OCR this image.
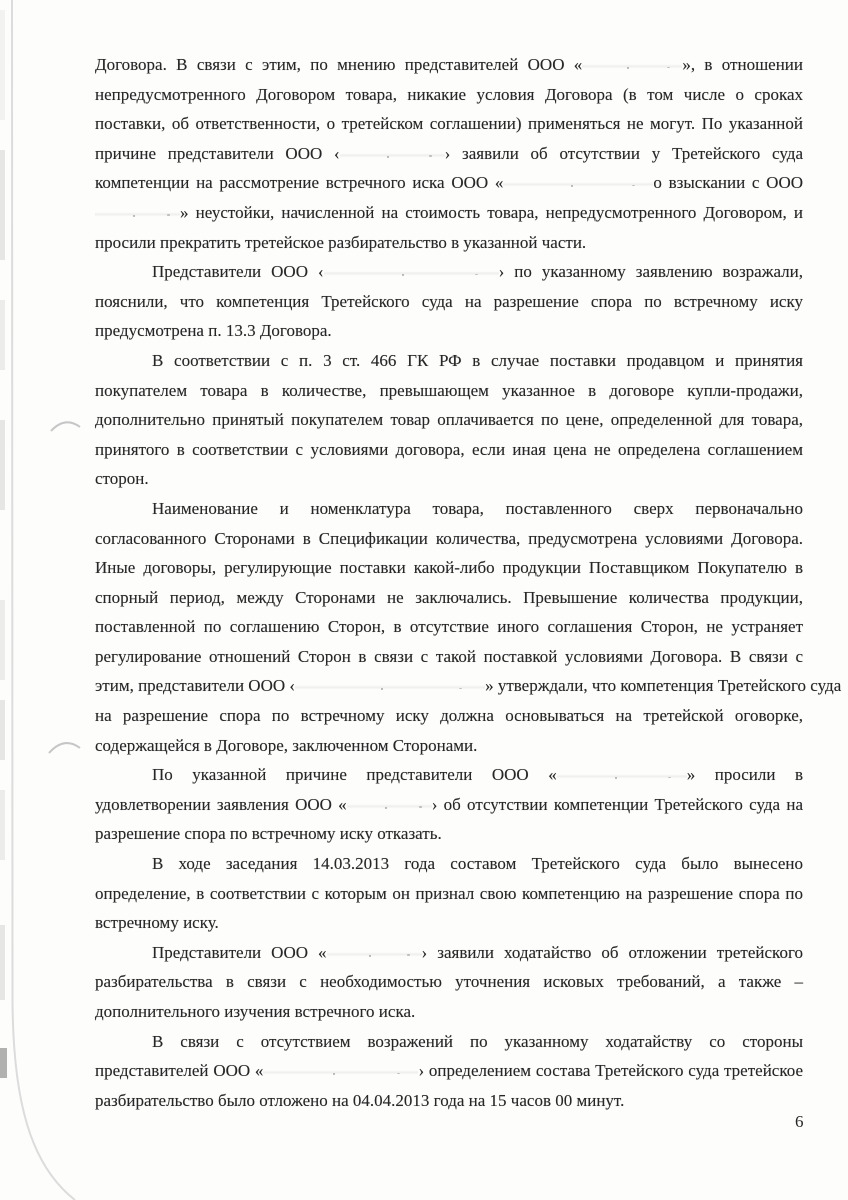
Договора. В связи с этим, по мнению представителей ООО «	», в отношении
непредусмотренного Договором товара, никакие условия Договора (в том числе о сроках
поставки, об ответственности, о третейском соглашении) применяться не могут. По указанной
причине представители ООО ‹	› заявили об отсутствии у Третейского суда
компетенции на рассмотрение встречного иска ООО «	о взыскании с ООО
» неустойки, начисленной на стоимость товара, непредусмотренного Договором, и
просили прекратить третейское разбирательство в указанной части.
Представители ООО ‹	› по указанному заявлению возражали,
пояснили, что компетенция Третейского суда на разрешение спора по встречному иску
предусмотрена п. 13.3 Договора.
В соответствии с п. 3 ст. 466 ГК РФ в случае поставки продавцом и принятия
покупателем товара в количестве, превышающем указанное в договоре купли-продажи,
дополнительно принятый покупателем товар оплачивается по цене, определенной для товара,
принятого в соответствии с условиями договора, если иная цена не определена соглашением
сторон.
Наименование и номенклатура товара, поставленного сверх первоначально
согласованного Сторонами в Спецификации количества, предусмотрена условиями Договора.
Иные договоры, регулирующие поставки какой-либо продукции Поставщиком Покупателю в
спорный период, между Сторонами не заключались. Превышение количества продукции,
поставленной по соглашению Сторон, в отсутствие иного соглашения Сторон, не устраняет
регулирование отношений Сторон в связи с такой поставкой условиями Договора. В связи с
этим, представители ООО ‹	» утверждали, что компетенция Третейского суда
на разрешение спора по встречному иску должна основываться на третейской оговорке,
содержащейся в Договоре, заключенном Сторонами.
По указанной причине представители ООО «	» просили в
удовлетворении заявления ООО «	› об отсутствии компетенции Третейского суда на
разрешение спора по встречному иску отказать.
В ходе заседания 14.03.2013 года составом Третейского суда было вынесено
определение, в соответствии с которым он признал свою компетенцию на разрешение спора по
встречному иску.
Представители ООО «	› заявили ходатайство об отложении третейского
разбирательства в связи с необходимостью уточнения исковых требований, а также –
дополнительного изучения встречного иска.
В связи с отсутствием возражений по указанному ходатайству со стороны
представителей ООО «	› определением состава Третейского суда третейское
разбирательство было отложено на 04.04.2013 года на 15 часов 00 минут.
6
